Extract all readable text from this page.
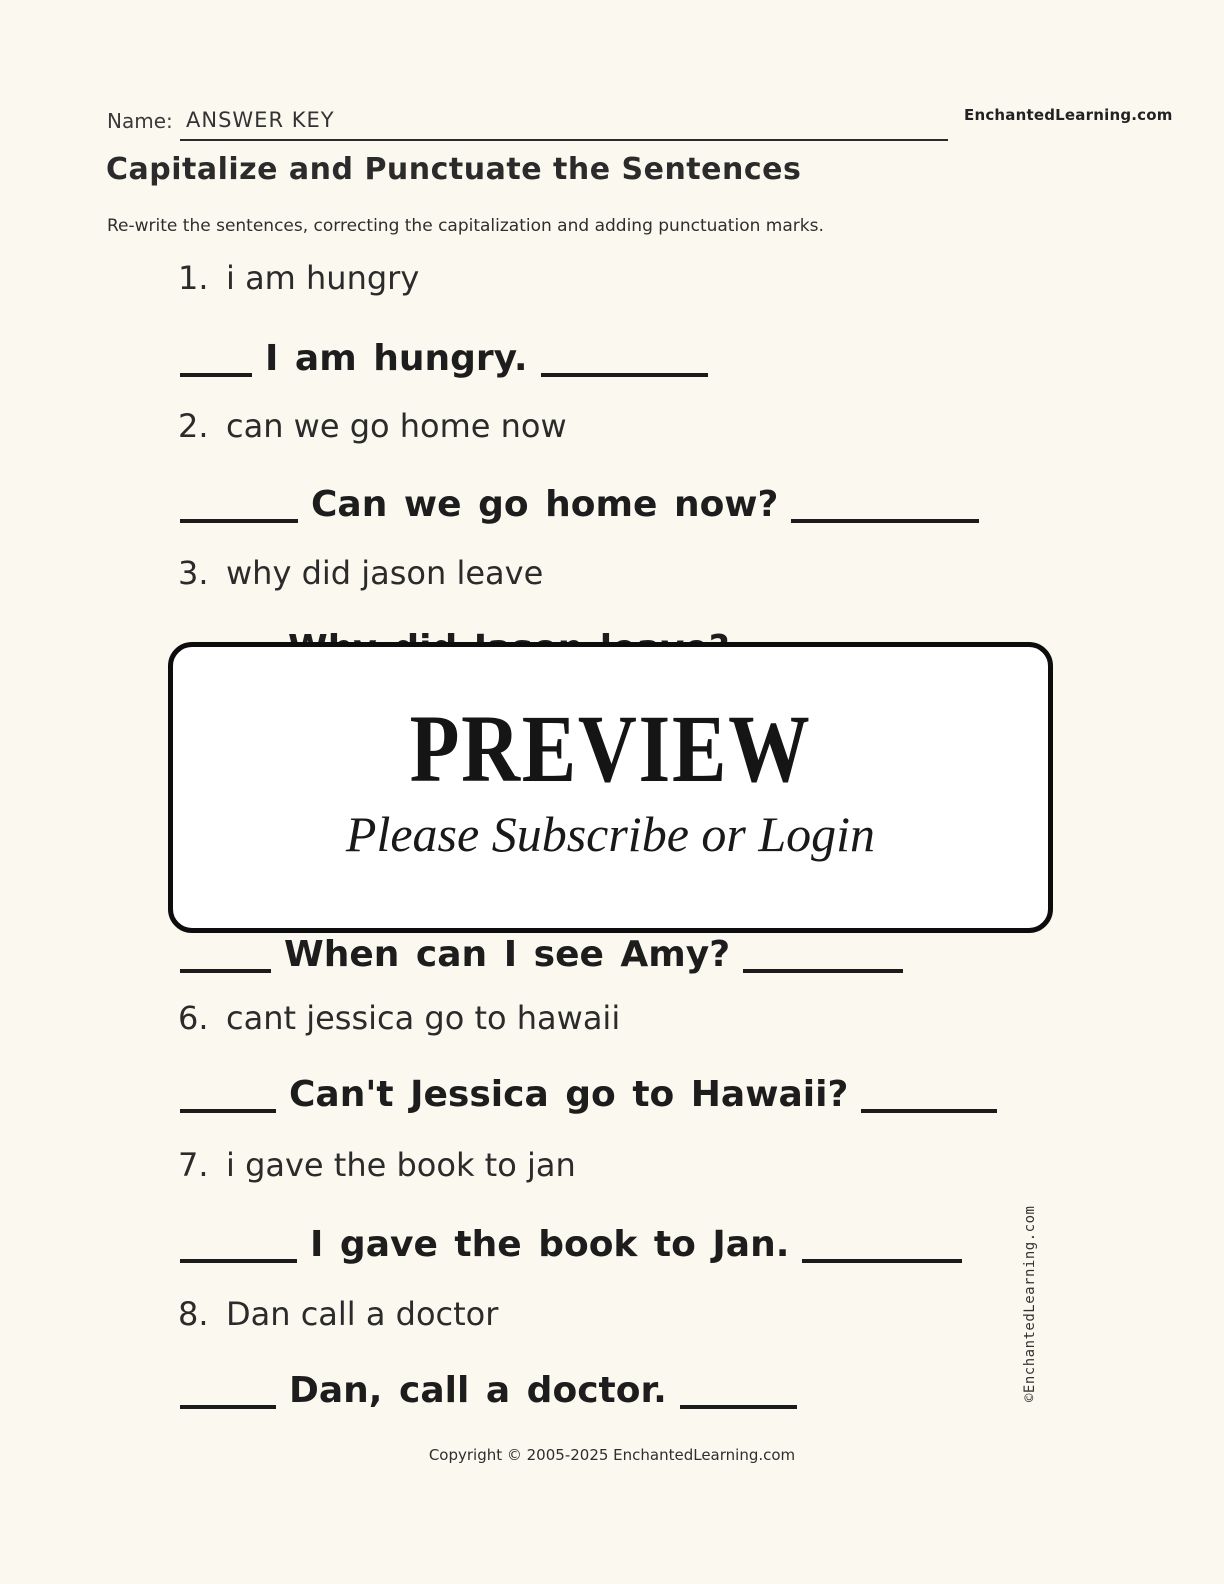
Name: ANSWER KEY	EnchantedLearning.com
Capitalize and Punctuate the Sentences
Re-write the sentences, correcting the capitalization and adding punctuation marks.
1. i am hungry
I am hungry.
2. can we go home now
Can we go home now?
3. why did jason leave
PREVIEW
Please Subscribe or Login
When can I see Amy?
6. cant jessica go to hawaii
Can't Jessica go to Hawaii?
7. i gave the book to jan
I gave the book to Jan.
8. Dan call a doctor
Dan, call a doctor.
Copyright © 2005-2025 EnchantedLearning.com
©EnchantedLearning.com
